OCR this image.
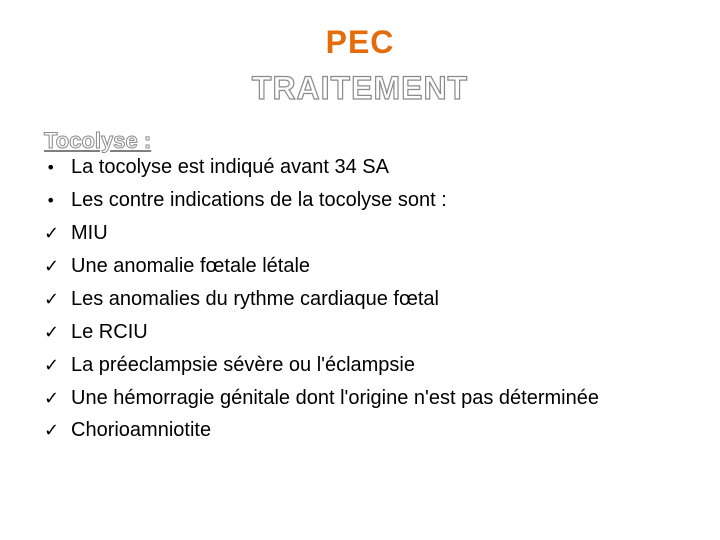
PEC
TRAITEMENT
Tocolyse :
• La tocolyse est indiqué avant 34 SA
• Les contre indications de la tocolyse sont :
✓ MIU
✓ Une anomalie fœtale létale
✓ Les anomalies du rythme cardiaque fœtal
✓ Le RCIU
✓ La préeclampsie sévère ou l'éclampsie
✓ Une hémorragie génitale dont l'origine n'est pas déterminée
✓ Chorioamniotite
